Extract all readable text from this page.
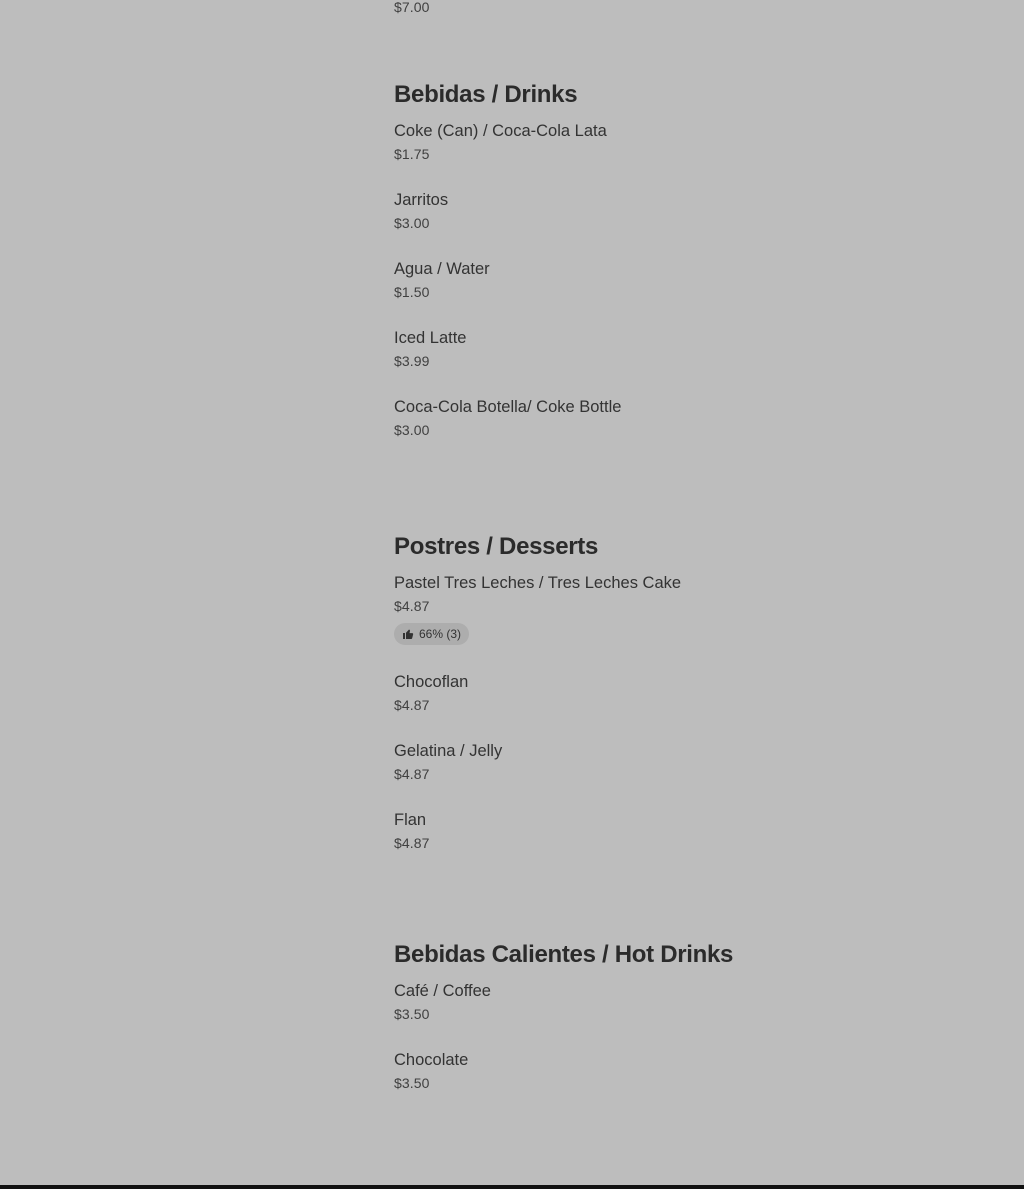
$7.00
Bebidas / Drinks
Coke (Can) / Coca-Cola Lata
$1.75
Jarritos
$3.00
Agua / Water
$1.50
Iced Latte
$3.99
Coca-Cola Botella/ Coke Bottle
$3.00
Postres / Desserts
Pastel Tres Leches / Tres Leches Cake
$4.87
66% (3)
Chocoflan
$4.87
Gelatina / Jelly
$4.87
Flan
$4.87
Bebidas Calientes / Hot Drinks
Café / Coffee
$3.50
Chocolate
$3.50
